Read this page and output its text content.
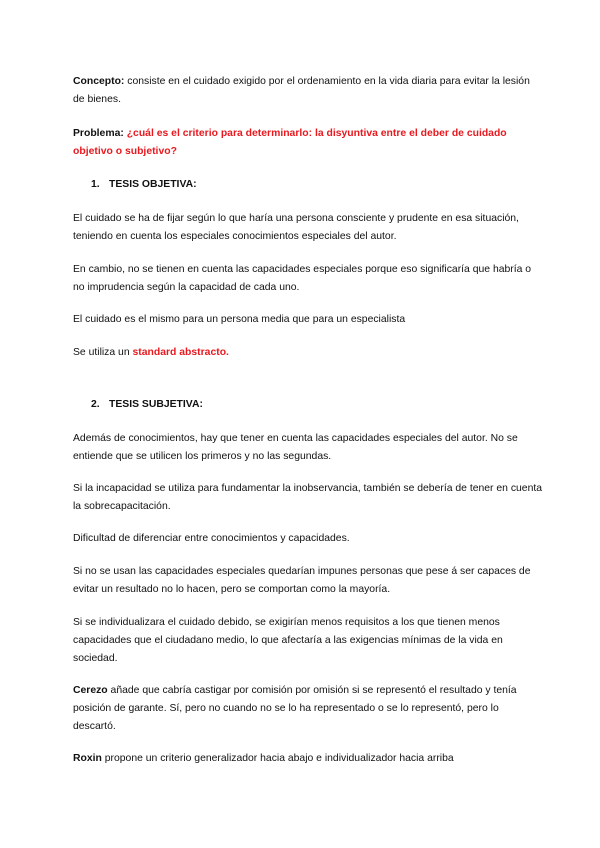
Concepto: consiste en el cuidado exigido por el ordenamiento en la vida diaria para evitar la lesión de bienes.

Problema: ¿cuál es el criterio para determinarlo: la disyuntiva entre el deber de cuidado objetivo o subjetivo?

1. TESIS OBJETIVA:

El cuidado se ha de fijar según lo que haría una persona consciente y prudente en esa situación, teniendo en cuenta los especiales conocimientos especiales del autor.

En cambio, no se tienen en cuenta las capacidades especiales porque eso significaría que habría o no imprudencia según la capacidad de cada uno.

El cuidado es el mismo para un persona media que para un especialista

Se utiliza un standard abstracto.

2. TESIS SUBJETIVA:

Además de conocimientos, hay que tener en cuenta las capacidades especiales del autor. No se entiende que se utilicen los primeros y no las segundas.

Si la incapacidad se utiliza para fundamentar la inobservancia, también se debería de tener en cuenta la sobrecapacitación.

Dificultad de diferenciar entre conocimientos y capacidades.

Si no se usan las capacidades especiales quedarían impunes personas que pese á ser capaces de evitar un resultado no lo hacen, pero se comportan como la mayoría.

Si se individualizara el cuidado debido, se exigirían menos requisitos a los que tienen menos capacidades que el ciudadano medio, lo que afectaría a las exigencias mínimas de la vida en sociedad.

Cerezo añade que cabría castigar por comisión por omisión si se representó el resultado y tenía posición de garante. Sí, pero no cuando no se lo ha representado o se lo representó, pero lo descartó.

Roxin propone un criterio generalizador hacia abajo e individualizador hacia arriba
